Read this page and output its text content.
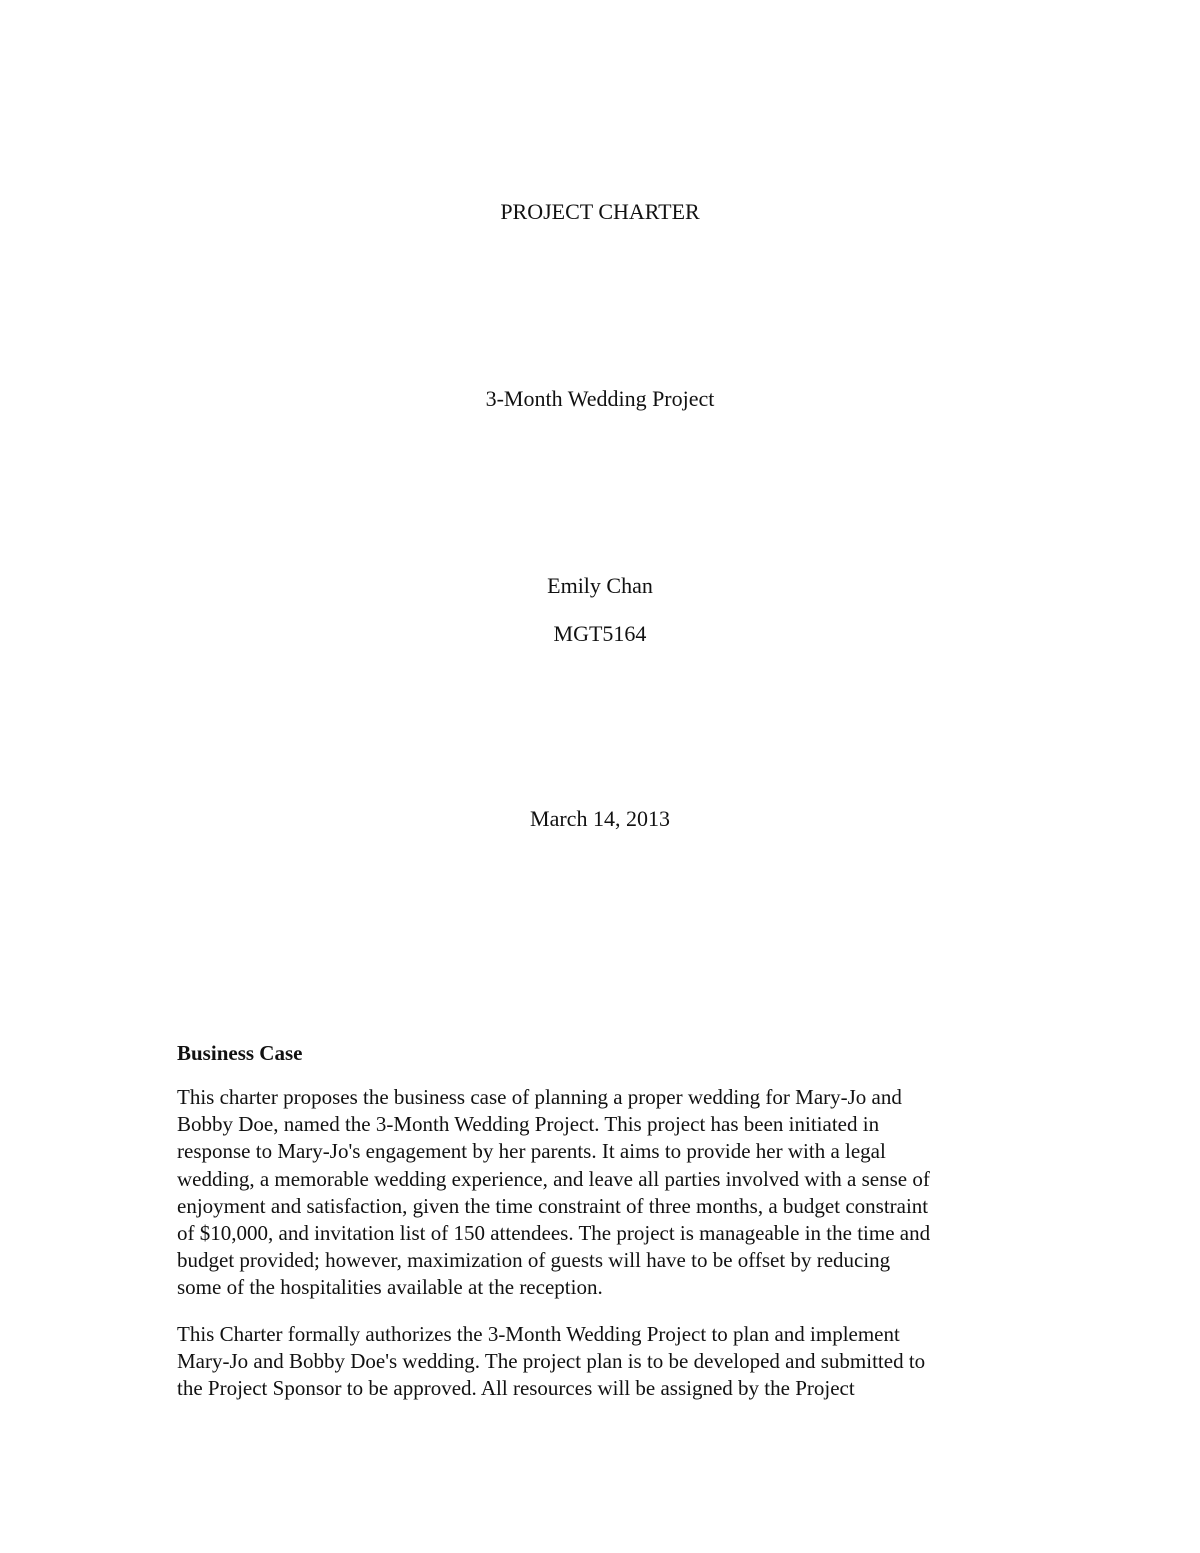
PROJECT CHARTER
3-Month Wedding Project
Emily Chan
MGT5164
March 14, 2013
Business Case

This charter proposes the business case of planning a proper wedding for Mary-Jo and
Bobby Doe, named the 3-Month Wedding Project. This project has been initiated in
response to Mary-Jo's engagement by her parents. It aims to provide her with a legal
wedding, a memorable wedding experience, and leave all parties involved with a sense of
enjoyment and satisfaction, given the time constraint of three months, a budget constraint
of $10,000, and invitation list of 150 attendees. The project is manageable in the time and
budget provided; however, maximization of guests will have to be offset by reducing
some of the hospitalities available at the reception.

This Charter formally authorizes the 3-Month Wedding Project to plan and implement
Mary-Jo and Bobby Doe's wedding. The project plan is to be developed and submitted to
the Project Sponsor to be approved. All resources will be assigned by the Project
